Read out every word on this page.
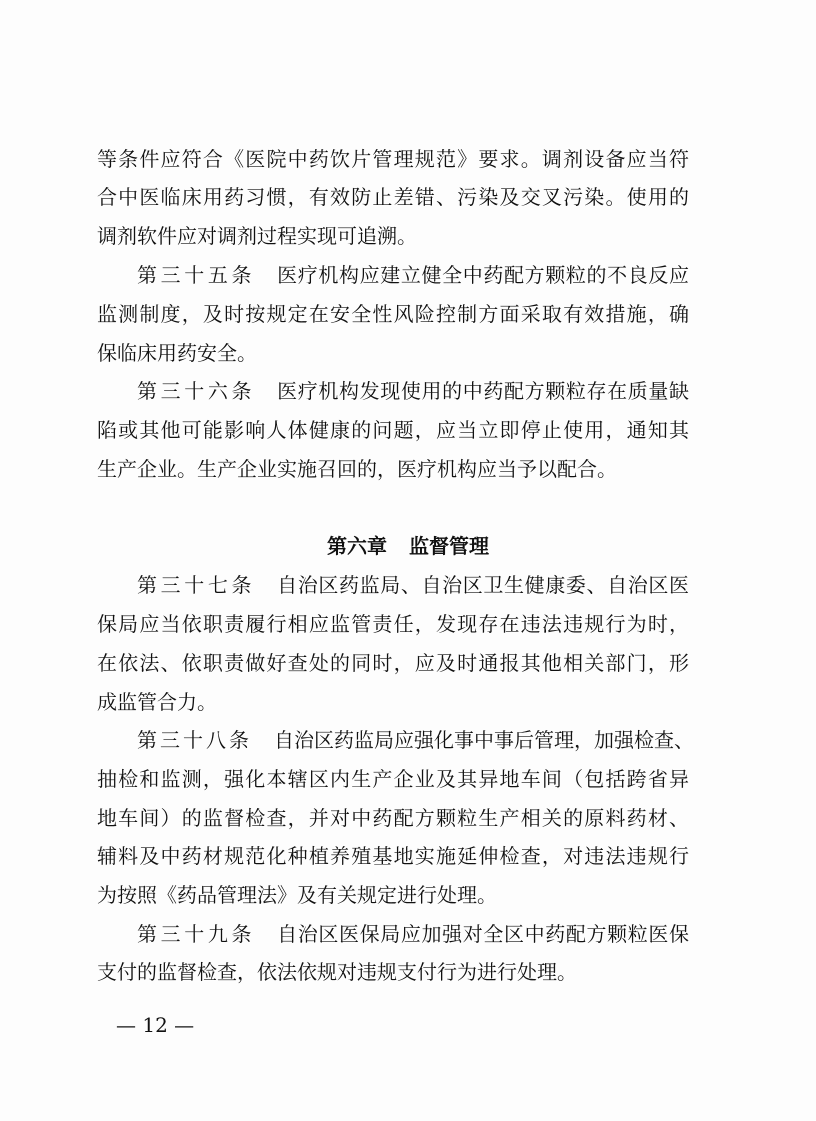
等条件应符合《医院中药饮片管理规范》要求。调剂设备应当符
合中医临床用药习惯，有效防止差错、污染及交叉污染。使用的
调剂软件应对调剂过程实现可追溯。
第三十五条 医疗机构应建立健全中药配方颗粒的不良反应
监测制度，及时按规定在安全性风险控制方面采取有效措施，确
保临床用药安全。
第三十六条 医疗机构发现使用的中药配方颗粒存在质量缺
陷或其他可能影响人体健康的问题，应当立即停止使用，通知其
生产企业。生产企业实施召回的，医疗机构应当予以配合。
第六章 监督管理
第三十七条 自治区药监局、自治区卫生健康委、自治区医
保局应当依职责履行相应监管责任，发现存在违法违规行为时，
在依法、依职责做好查处的同时，应及时通报其他相关部门，形
成监管合力。
第三十八条 自治区药监局应强化事中事后管理，加强检查、
抽检和监测，强化本辖区内生产企业及其异地车间（包括跨省异
地车间）的监督检查，并对中药配方颗粒生产相关的原料药材、
辅料及中药材规范化种植养殖基地实施延伸检查，对违法违规行
为按照《药品管理法》及有关规定进行处理。
第三十九条 自治区医保局应加强对全区中药配方颗粒医保
支付的监督检查，依法依规对违规支付行为进行处理。
— 12 —
